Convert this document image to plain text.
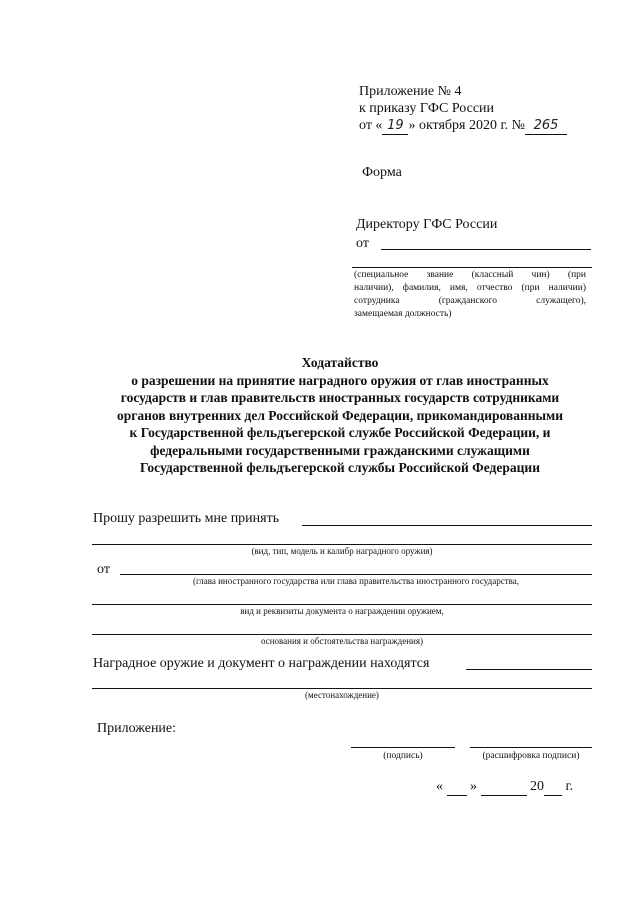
Приложение № 4
к приказу ГФС России
от « 19 » октября 2020 г. № 265
Форма
Директору ГФС России
от
(специальное звание (классный чин) (при
наличии), фамилия, имя, отчество (при наличии)
сотрудника (гражданского служащего),
замещаемая должность)
Ходатайство
о разрешении на принятие наградного оружия от глав иностранных
государств и глав правительств иностранных государств сотрудниками
органов внутренних дел Российской Федерации, прикомандированными
к Государственной фельдъегерской службе Российской Федерации, и
федеральными государственными гражданскими служащими
Государственной фельдъегерской службы Российской Федерации
Прошу разрешить мне принять
(вид, тип, модель и калибр наградного оружия)
от
(глава иностранного государства или глава правительства иностранного государства,
вид и реквизиты документа о награждении оружием,
основания и обстоятельства награждения)
Наградное оружие и документ о награждении находятся
(местонахождение)
Приложение:
(подпись)	(расшифровка подписи)
« »	20 г.
